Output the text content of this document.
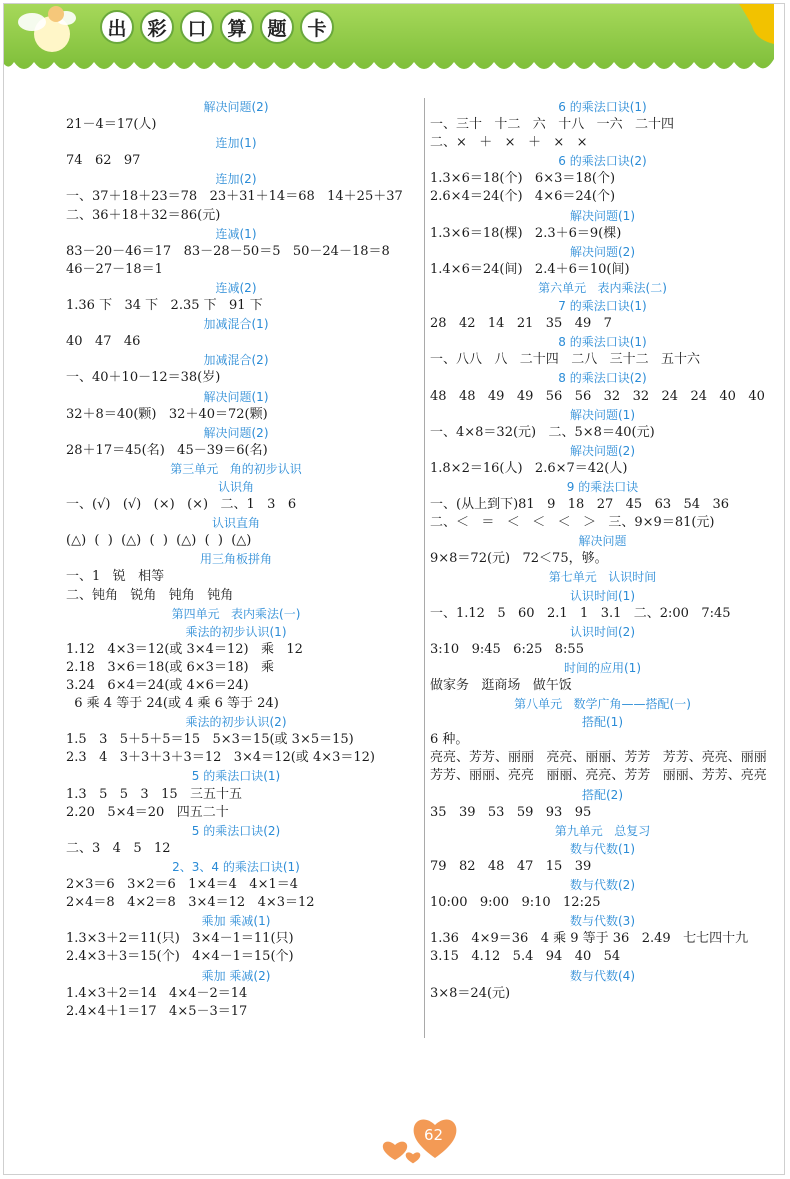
出	彩	口	算	题	卡
解决问题(2)
21－4＝17(人)
连加(1)
74   62   97
连加(2)
一、37＋18＋23＝78   23＋31＋14＝68   14＋25＋37
二、36＋18＋32＝86(元)
连减(1)
83－20－46＝17   83－28－50＝5   50－24－18＝8
46－27－18＝1
连减(2)
1.36 下   34 下   2.35 下   91 下
加减混合(1)
40   47   46
加减混合(2)
一、40＋10－12＝38(岁)
解决问题(1)
32＋8＝40(颗)   32＋40＝72(颗)
解决问题(2)
28＋17＝45(名)   45－39＝6(名)
第三单元   角的初步认识
认识角
一、(√)   (√)   (×)   (×)   二、1   3   6
认识直角
(△)  (  )  (△)  (  )  (△)  (  )  (△)
用三角板拼角
一、1   锐   相等
二、钝角   锐角   钝角   钝角
第四单元   表内乘法(一)
乘法的初步认识(1)
1.12   4×3＝12(或 3×4＝12)   乘   12
2.18   3×6＝18(或 6×3＝18)   乘
3.24   6×4＝24(或 4×6＝24)
6 乘 4 等于 24(或 4 乘 6 等于 24)
乘法的初步认识(2)
1.5   3   5＋5＋5＝15   5×3＝15(或 3×5＝15)
2.3   4   3＋3＋3＋3＝12   3×4＝12(或 4×3＝12)
5 的乘法口诀(1)
1.3   5   5   3   15   三五十五
2.20   5×4＝20   四五二十
5 的乘法口诀(2)
二、3   4   5   12
2、3、4 的乘法口诀(1)
2×3＝6   3×2＝6   1×4＝4   4×1＝4
2×4＝8   4×2＝8   3×4＝12   4×3＝12
乘加 乘减(1)
1.3×3＋2＝11(只)   3×4－1＝11(只)
2.4×3＋3＝15(个)   4×4－1＝15(个)
乘加 乘减(2)
1.4×3＋2＝14   4×4－2＝14
2.4×4＋1＝17   4×5－3＝17
6 的乘法口诀(1)
一、三十   十二   六   十八   一六   二十四
二、×   ＋   ×   ＋   ×   ×
6 的乘法口诀(2)
1.3×6＝18(个)   6×3＝18(个)
2.6×4＝24(个)   4×6＝24(个)
解决问题(1)
1.3×6＝18(棵)   2.3＋6＝9(棵)
解决问题(2)
1.4×6＝24(间)   2.4＋6＝10(间)
第六单元   表内乘法(二)
7 的乘法口诀(1)
28   42   14   21   35   49   7
8 的乘法口诀(1)
一、八八   八   二十四   二八   三十二   五十六
8 的乘法口诀(2)
48   48   49   49   56   56   32   32   24   24   40   40
解决问题(1)
一、4×8＝32(元)   二、5×8＝40(元)
解决问题(2)
1.8×2＝16(人)   2.6×7＝42(人)
9 的乘法口诀
一、(从上到下)81   9   18   27   45   63   54   36
二、＜   ＝   ＜   ＜   ＜   ＞   三、9×9＝81(元)
解决问题
9×8＝72(元)   72＜75，够。
第七单元   认识时间
认识时间(1)
一、1.12   5   60   2.1   1   3.1   二、2:00   7:45
认识时间(2)
3:10   9:45   6:25   8:55
时间的应用(1)
做家务   逛商场   做午饭
第八单元   数学广角——搭配(一)
搭配(1)
6 种。
亮亮、芳芳、丽丽   亮亮、丽丽、芳芳   芳芳、亮亮、丽丽
芳芳、丽丽、亮亮   丽丽、亮亮、芳芳   丽丽、芳芳、亮亮
搭配(2)
35   39   53   59   93   95
第九单元   总复习
数与代数(1)
79   82   48   47   15   39
数与代数(2)
10:00   9:00   9:10   12:25
数与代数(3)
1.36   4×9＝36   4 乘 9 等于 36   2.49   七七四十九
3.15   4.12   5.4   94   40   54
数与代数(4)
3×8＝24(元)
62
